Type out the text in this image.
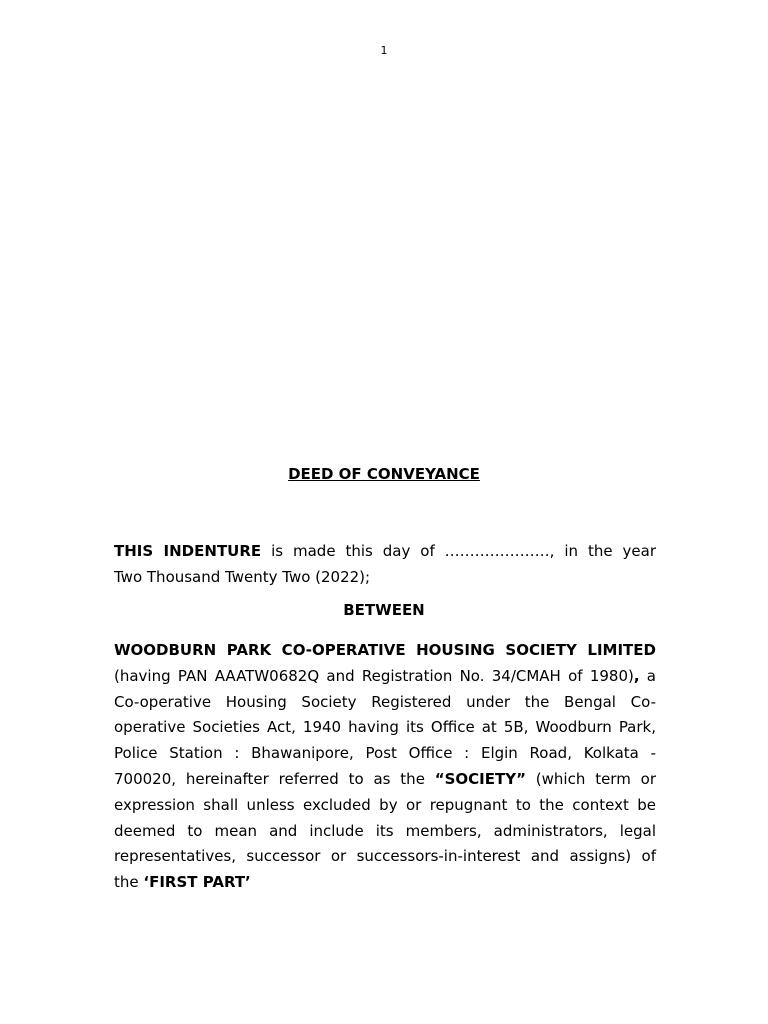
1
DEED OF CONVEYANCE
THIS INDENTURE is made this day of …………………, in the year
Two Thousand Twenty Two (2022);
BETWEEN
WOODBURN PARK CO-OPERATIVE HOUSING SOCIETY LIMITED
(having PAN AAATW0682Q and Registration No. 34/CMAH of 1980), a
Co-operative Housing Society Registered under the Bengal Co-
operative Societies Act, 1940 having its Office at 5B, Woodburn Park,
Police Station : Bhawanipore, Post Office : Elgin Road, Kolkata -
700020, hereinafter referred to as the “SOCIETY” (which term or
expression shall unless excluded by or repugnant to the context be
deemed to mean and include its members, administrators, legal
representatives, successor or successors-in-interest and assigns) of
the ‘FIRST PART’
